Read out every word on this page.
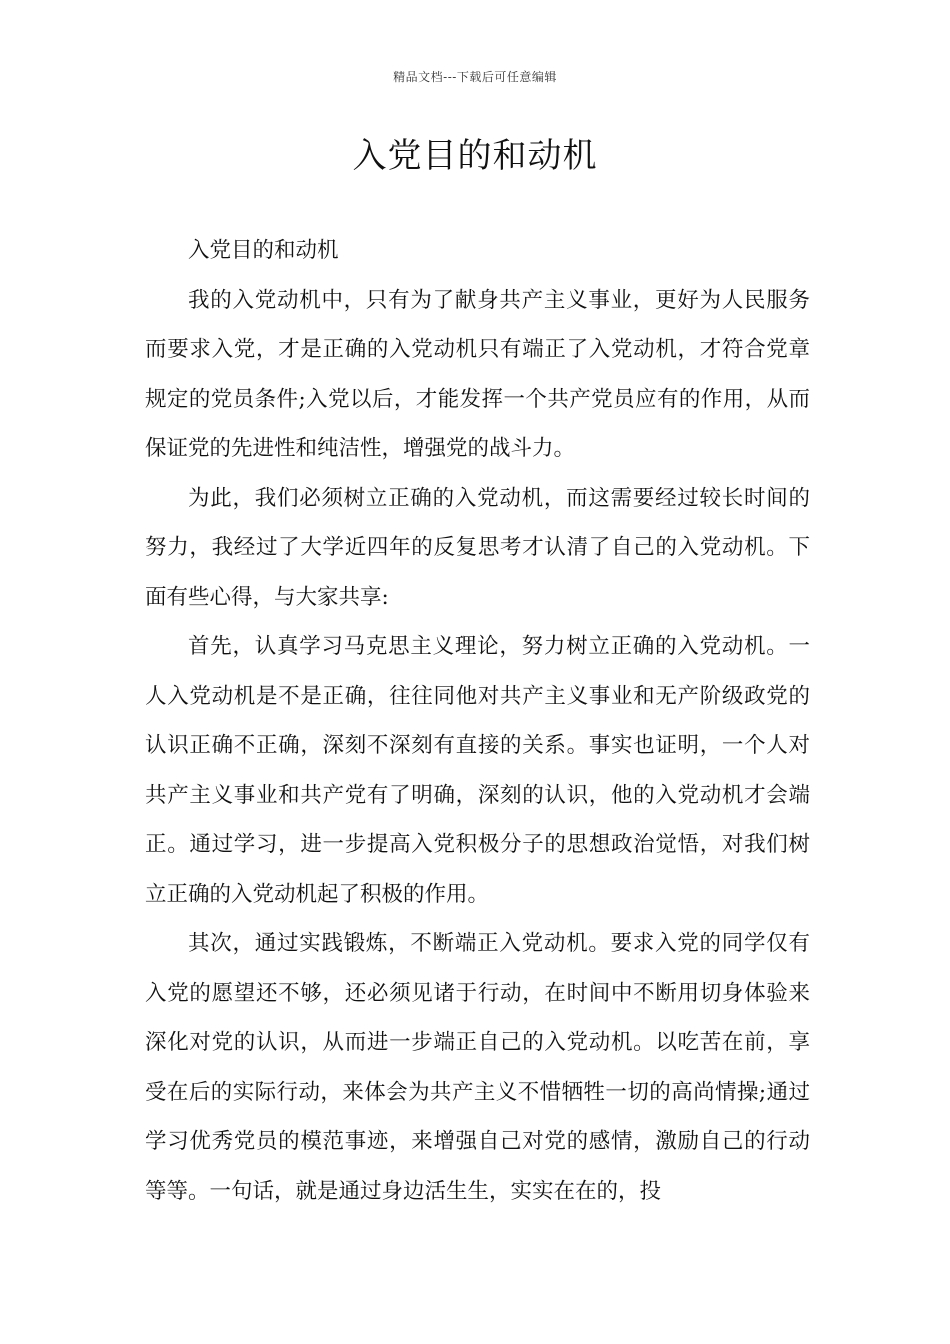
精品文档---下载后可任意编辑
入党目的和动机

入党目的和动机

我的入党动机中，只有为了献身共产主义事业，更好为人民服务而要求入党，才是正确的入党动机只有端正了入党动机，才符合党章规定的党员条件;入党以后，才能发挥一个共产党员应有的作用，从而保证党的先进性和纯洁性，增强党的战斗力。

为此，我们必须树立正确的入党动机，而这需要经过较长时间的努力，我经过了大学近四年的反复思考才认清了自己的入党动机。下面有些心得，与大家共享:

首先，认真学习马克思主义理论，努力树立正确的入党动机。一人入党动机是不是正确，往往同他对共产主义事业和无产阶级政党的认识正确不正确，深刻不深刻有直接的关系。事实也证明，一个人对共产主义事业和共产党有了明确，深刻的认识，他的入党动机才会端正。通过学习，进一步提高入党积极分子的思想政治觉悟，对我们树立正确的入党动机起了积极的作用。

其次，通过实践锻炼，不断端正入党动机。要求入党的同学仅有入党的愿望还不够，还必须见诸于行动，在时间中不断用切身体验来深化对党的认识，从而进一步端正自己的入党动机。以吃苦在前，享受在后的实际行动，来体会为共产主义不惜牺牲一切的高尚情操;通过学习优秀党员的模范事迹，来增强自己对党的感情，激励自己的行动等等。一句话，就是通过身边活生生，实实在在的，投
